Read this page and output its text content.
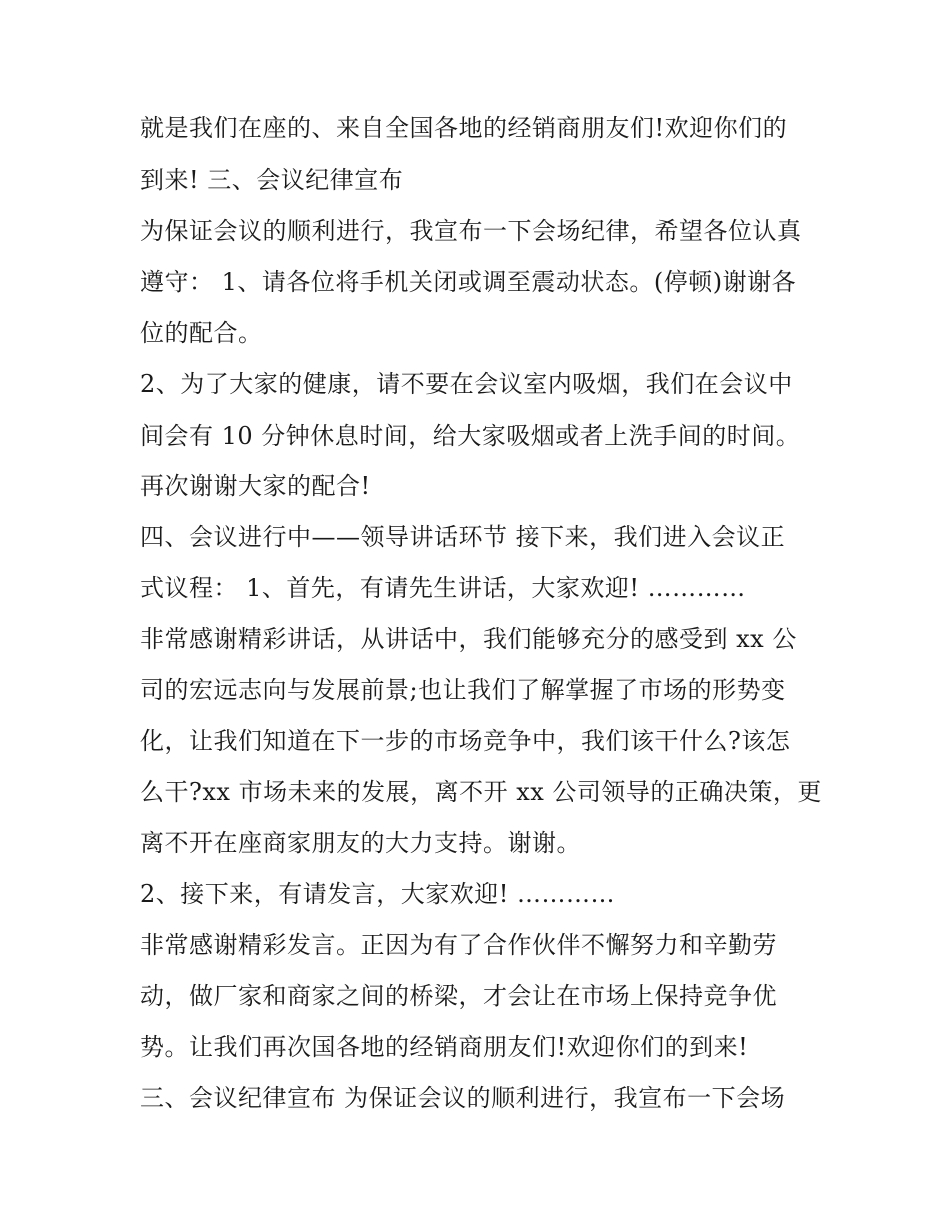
就是我们在座的、来自全国各地的经销商朋友们!欢迎你们的
到来! 三、会议纪律宣布
为保证会议的顺利进行，我宣布一下会场纪律，希望各位认真
遵守： 1、请各位将手机关闭或调至震动状态。(停顿)谢谢各
位的配合。
2、为了大家的健康，请不要在会议室内吸烟，我们在会议中
间会有 10 分钟休息时间，给大家吸烟或者上洗手间的时间。
再次谢谢大家的配合!
四、会议进行中——领导讲话环节 接下来，我们进入会议正
式议程： 1、首先，有请先生讲话，大家欢迎! …………
非常感谢精彩讲话，从讲话中，我们能够充分的感受到 xx 公
司的宏远志向与发展前景;也让我们了解掌握了市场的形势变
化，让我们知道在下一步的市场竞争中，我们该干什么?该怎
么干?xx 市场未来的发展，离不开 xx 公司领导的正确决策，更
离不开在座商家朋友的大力支持。谢谢。
2、接下来，有请发言，大家欢迎! …………
非常感谢精彩发言。正因为有了合作伙伴不懈努力和辛勤劳
动，做厂家和商家之间的桥梁，才会让在市场上保持竞争优
势。让我们再次国各地的经销商朋友们!欢迎你们的到来!
三、会议纪律宣布 为保证会议的顺利进行，我宣布一下会场
